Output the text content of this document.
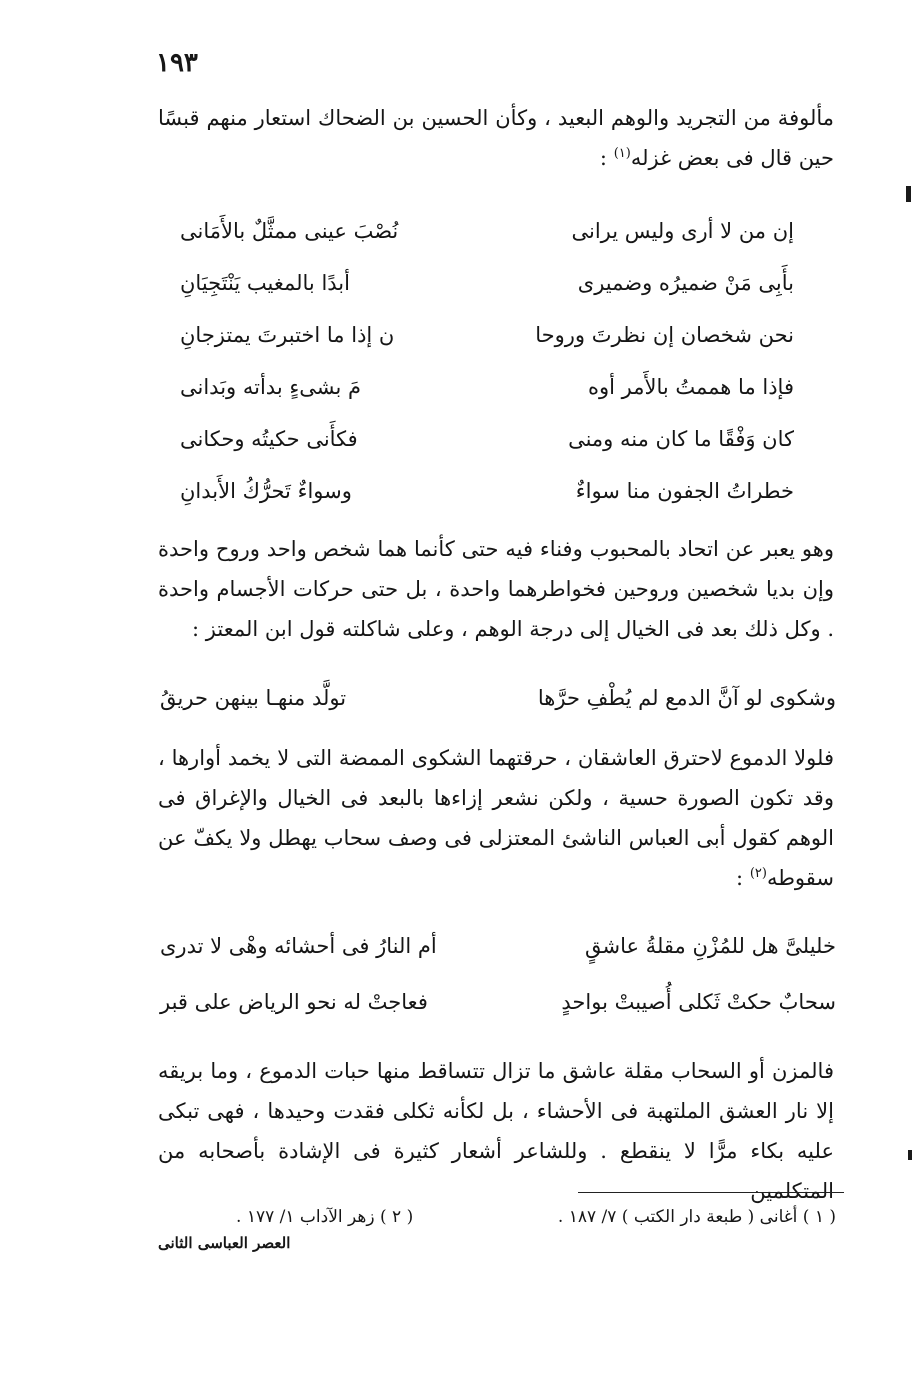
١٩٣
مألوفة من التجريد والوهم البعيد ، وكأن الحسين بن الضحاك استعار منهم قبسًا حين قال فى بعض غزله$^{(١)}$ :
إن من لا أرى وليس يرانى
نُصْبَ عينى ممثَّلٌ بالأَمَانى
بأَبِى مَنْ ضميرُه وضميرى
أبدًا بالمغيب يَنْتَجِيَانِ
نحن شخصان إن نظرتَ وروحا
ن إذا ما اختبرتَ يمتزجانِ
فإذا ما هممتُ بالأَمر أوه
مَ بشىءٍ بدأته وبَدانى
كان وَفْقًا ما كان منه ومنى
فكأَنى حكيتُه وحكانى
خطراتُ الجفون منا سواءٌ
وسواءٌ تَحرُّكُ الأَبدانِ
وهو يعبر عن اتحاد بالمحبوب وفناء فيه حتى كأنما هما شخص واحد وروح واحدة وإن بديا شخصين وروحين فخواطرهما واحدة ، بل حتى حركات الأجسام واحدة . وكل ذلك بعد فى الخيال إلى درجة الوهم ، وعلى شاكلته قول ابن المعتز :
وشكوى لو آنَّ الدمع لم يُطْفِ حرَّها
تولَّد منهـا بينهن حريقُ
فلولا الدموع لاحترق العاشقان ، حرقتهما الشكوى الممضة التى لا يخمد أوارها ، وقد تكون الصورة حسية ، ولكن نشعر إزاءها بالبعد فى الخيال والإغراق فى الوهم كقول أبى العباس الناشئ المعتزلى فى وصف سحاب يهطل ولا يكفّ عن سقوطه$^{(٢)}$ :
خليلىَّ هل للمُزْنِ مقلةُ عاشقٍ
أم النارُ فى أحشائه وهْى لا تدرى
سحابٌ حكتْ ثَكلى أُصيبتْ بواحدٍ
فعاجتْ له نحو الرياض على قبر
فالمزن أو السحاب مقلة عاشق ما تزال تتساقط منها حبات الدموع ، وما بريقه إلا نار العشق الملتهبة فى الأحشاء ، بل لكأنه ثكلى فقدت وحيدها ، فهى تبكى عليه بكاء مرًّا لا ينقطع . وللشاعر أشعار كثيرة فى الإشادة بأصحابه من المتكلمين
( ١ ) أغانى ( طبعة دار الكتب ) ٧/ ١٨٧ .
( ٢ ) زهر الآداب ١/ ١٧٧ .
العصر العباسى الثانى
